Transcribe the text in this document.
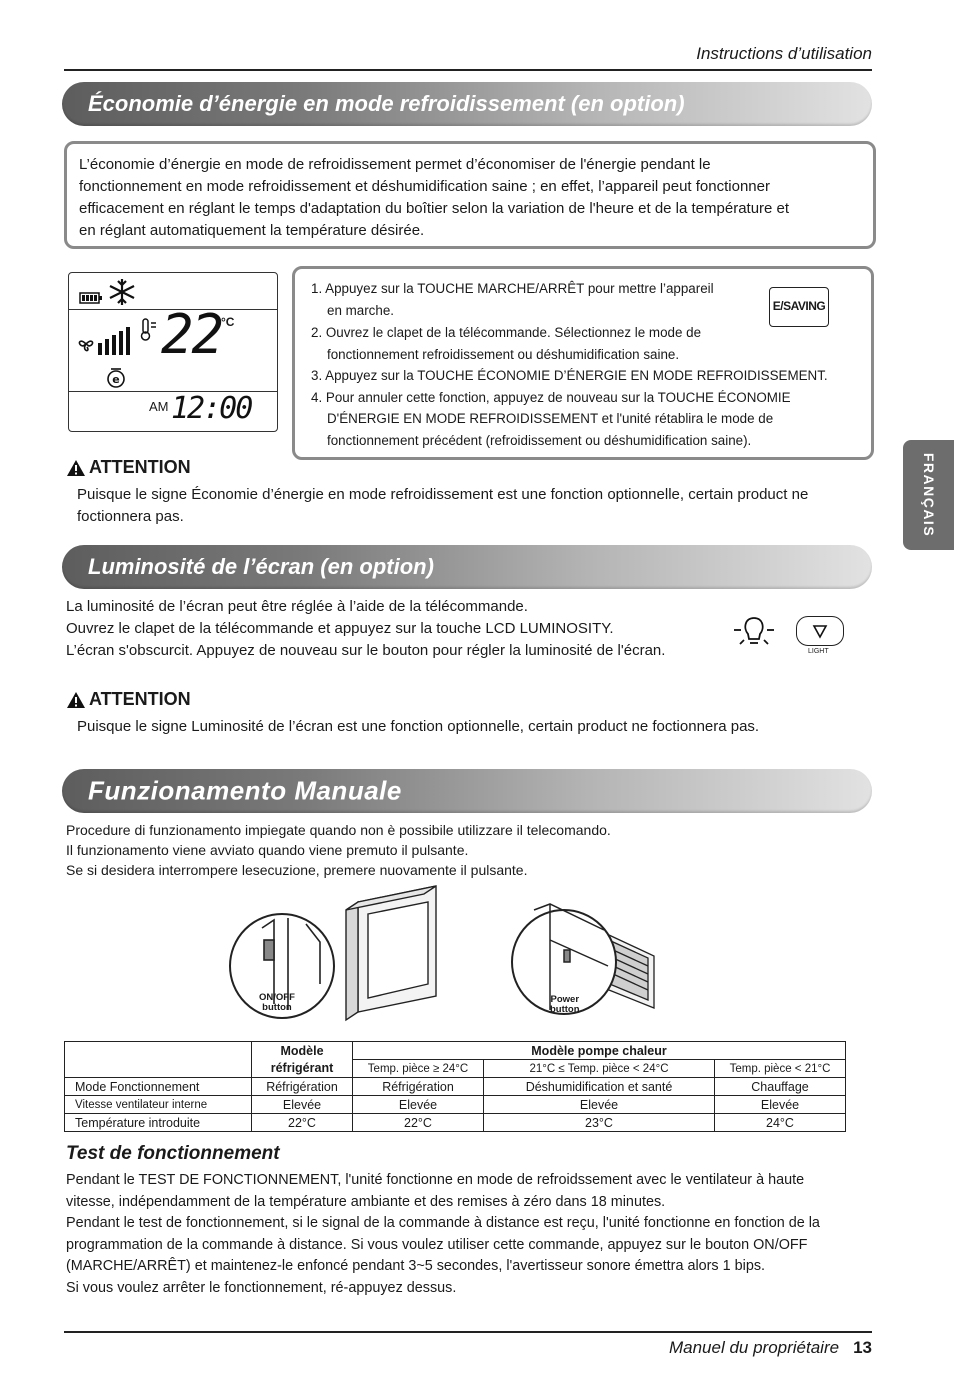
Instructions d’utilisation
Économie d’énergie en mode refroidissement (en option)

L’économie d’énergie en mode de refroidissement permet d’économiser de l'énergie pendant le

fonctionnement en mode refroidissement et déshumidification saine ; en effet, l’appareil peut fonctionner

efficacement en réglant le temps d'adaptation du boîtier selon la variation de l'heure et de la température et

en réglant automatiquement la température désirée.

22
°C
e
AM 12:00
1. Appuyez sur la TOUCHE MARCHE/ARRÊT pour mettre l’appareil
en marche.
2. Ouvrez le clapet de la télécommande. Sélectionnez le mode de
fonctionnement refroidissement ou déshumidification saine.
3. Appuyez sur la TOUCHE ÉCONOMIE D’ÉNERGIE EN MODE REFROIDISSEMENT.
4. Pour annuler cette fonction, appuyez de nouveau sur la TOUCHE ÉCONOMIE
D'ÉNERGIE EN MODE REFROIDISSEMENT et l'unité rétablira le mode de
fonctionnement précédent (refroidissement ou déshumidification saine).
E/SAVING
ATTENTION

Puisque le signe Économie d’énergie en mode refroidissement est une fonction optionnelle, certain product ne

foctionnera pas.	FRANÇAIS
Luminosité de l’écran (en option)

La luminosité de l’écran peut être réglée à l’aide de la télécommande.

Ouvrez le clapet de la télécommande et appuyez sur la touche LCD LUMINOSITY.

L’écran s'obscurcit. Appuyez de nouveau sur le bouton pour régler la luminosité de l'écran.	LIGHT
ATTENTION

Puisque le signe Luminosité de l’écran est une fonction optionnelle, certain product ne foctionnera pas.

Funzionamento Manuale
Procedure di funzionamento impiegate quando non è possibile utilizzare il telecomando.
Il funzionamento viene avviato quando viene premuto il pulsante.
Se si desidera interrompere lesecuzione, premere nuovamente il pulsante.
ON/OFF
button
Power
button

	Modèle
réfrigérant	Modèle pompe chaleur		
		Temp. pièce ≥ 24°C	21°C ≤ Temp. pièce < 24°C	Temp. pièce < 21°C
Mode Fonctionnement	Réfrigération	Réfrigération	Déshumidification et santé	Chauffage
Vitesse ventilateur interne	Elevée	Elevée	Elevée	Elevée
Température introduite	22°C	22°C	23°C	24°C
Test de fonctionnement
Pendant le TEST DE FONCTIONNEMENT, l'unité fonctionne en mode de refroidssement avec le ventilateur à haute
vitesse, indépendamment de la température ambiante et des remises à zéro dans 18 minutes.
Pendant le test de fonctionnement, si le signal de la commande à distance est reçu, l'unité fonctionne en fonction de la
programmation de la commande à distance. Si vous voulez utiliser cette commande, appuyez sur le bouton ON/OFF
(MARCHE/ARRÊT) et maintenez-le enfoncé pendant 3~5 secondes, l'avertisseur sonore émettra alors 1 bips.
Si vous voulez arrêter le fonctionnement, ré-appuyez dessus.
Manuel du propriétaire 13
